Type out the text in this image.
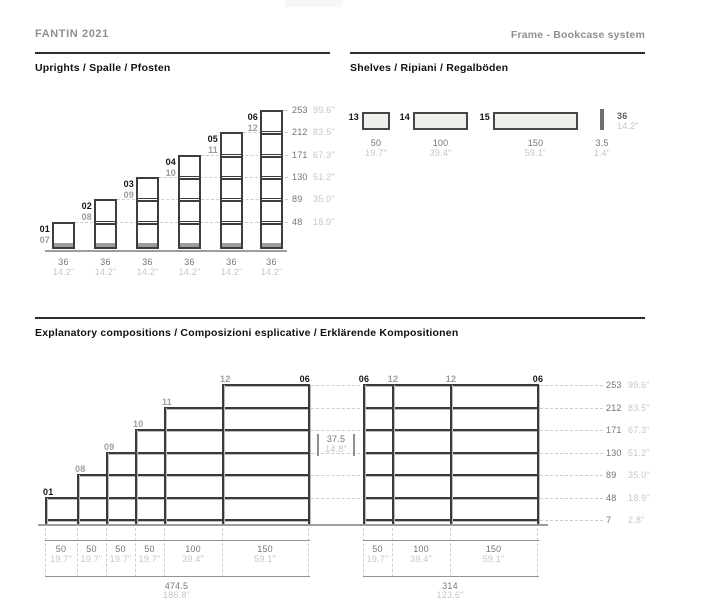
FANTIN 2021	Frame - Bookcase system
Uprights / Spalle / Pfosten	Shelves / Ripiani / Regalböden
253 99.6"
212 83.5"
171 67.3"
130 51.2"
89 35.0"
48 18.9"
01
07
36
14.2"
02
08
36
14.2"
03
09
36
14.2"
04
10
36
14.2"
05
11
36
14.2"
06
12
36
14.2"
13
50
19.7"
14
100
39.4"
15
150
59.1"
3.5
1.4"
36
14.2"
Explanatory compositions / Composizioni esplicative / Erklärende Kompositionen
253 99.6"
212 83.5"
171 67.3"
130 51.2"
89 35.0"
48 18.9"
7 2.8"
01
08
09
10
11
12	06	06	12	12	06
37.5
14.8"
50
19.7"
50
19.7"
50
19.7"
50
19.7"
100
39.4"
150
59.1"
474.5
186.8"
50
19.7"
100
39.4"
150
59.1"
314
123.6"
